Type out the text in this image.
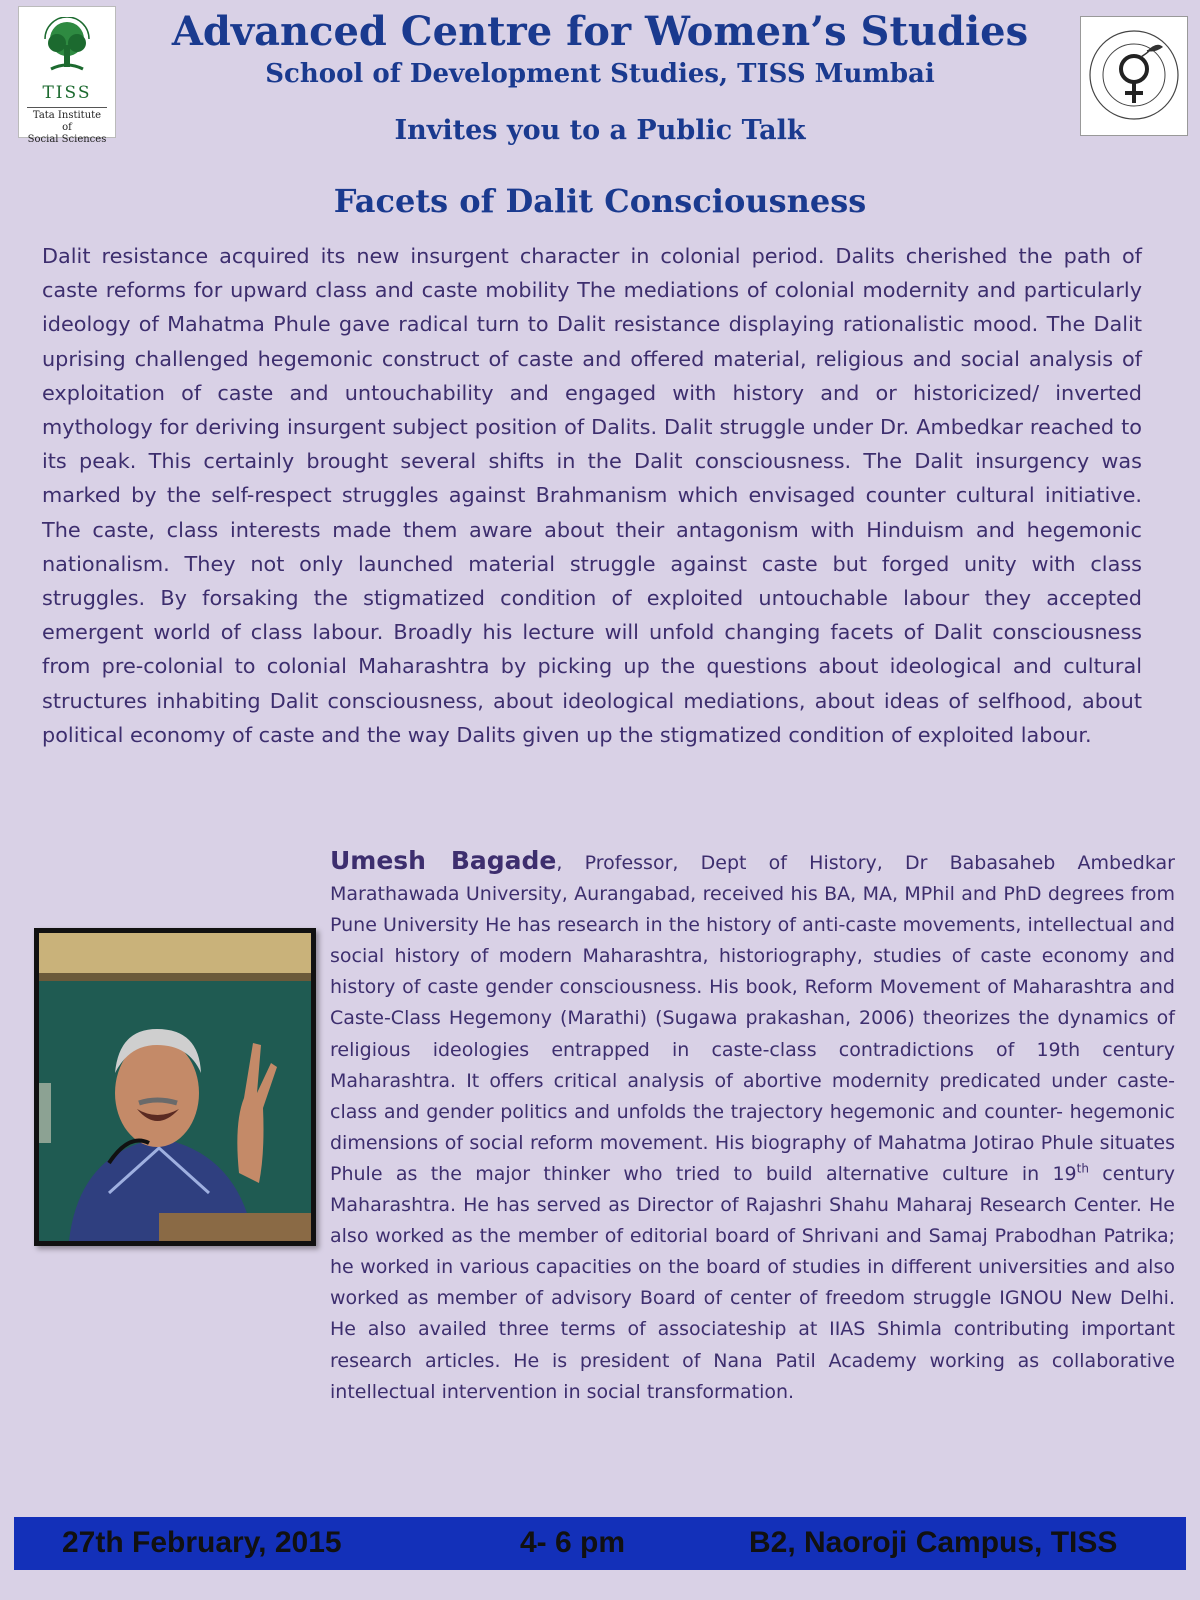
TISS
Tata Institute of
Social Sciences
Advanced Centre for Women’s Studies
School of Development Studies, TISS Mumbai
Invites you to a Public Talk
Facets of Dalit Consciousness

Dalit resistance acquired its new insurgent character in colonial period. Dalits cherished the path of caste reforms for upward class and caste mobility The mediations of colonial modernity and particularly ideology of Mahatma Phule gave radical turn to Dalit resistance displaying rationalistic mood. The Dalit uprising challenged hegemonic construct of caste and offered material, religious and social analysis of exploitation of caste and untouchability and engaged with history and or historicized/ inverted mythology for deriving insurgent subject position of Dalits. Dalit struggle under Dr. Ambedkar reached to its peak. This certainly brought several shifts in the Dalit consciousness. The Dalit insurgency was marked by the self-respect struggles against Brahmanism which envisaged counter cultural initiative. The caste, class interests made them aware about their antagonism with Hinduism and hegemonic nationalism. They not only launched material struggle against caste but forged unity with class struggles. By forsaking the stigmatized condition of exploited untouchable labour they accepted emergent world of class labour. Broadly his lecture will unfold changing facets of Dalit consciousness from pre-colonial to colonial Maharashtra by picking up the questions about ideological and cultural structures inhabiting Dalit consciousness, about ideological mediations, about ideas of selfhood, about political economy of caste and the way Dalits given up the stigmatized condition of exploited labour.

Umesh Bagade, Professor, Dept of History, Dr Babasaheb Ambedkar Marathawada University, Aurangabad, received his BA, MA, MPhil and PhD degrees from Pune University He has research in the history of anti-caste movements, intellectual and social history of modern Maharashtra, historiography, studies of caste economy and history of caste gender consciousness. His book, Reform Movement of Maharashtra and Caste-Class Hegemony (Marathi) (Sugawa prakashan, 2006) theorizes the dynamics of religious ideologies entrapped in caste-class contradictions of 19th century Maharashtra. It offers critical analysis of abortive modernity predicated under caste-class and gender politics and unfolds the trajectory hegemonic and counter- hegemonic dimensions of social reform movement. His biography of Mahatma Jotirao Phule situates Phule as the major thinker who tried to build alternative culture in 19th century Maharashtra. He has served as Director of Rajashri Shahu Maharaj Research Center. He also worked as the member of editorial board of Shrivani and Samaj Prabodhan Patrika; he worked in various capacities on the board of studies in different universities and also worked as member of advisory Board of center of freedom struggle IGNOU New Delhi. He also availed three terms of associateship at IIAS Shimla contributing important research articles. He is president of Nana Patil Academy working as collaborative intellectual intervention in social transformation.

27th February, 2015	4- 6 pm	B2, Naoroji Campus, TISS
